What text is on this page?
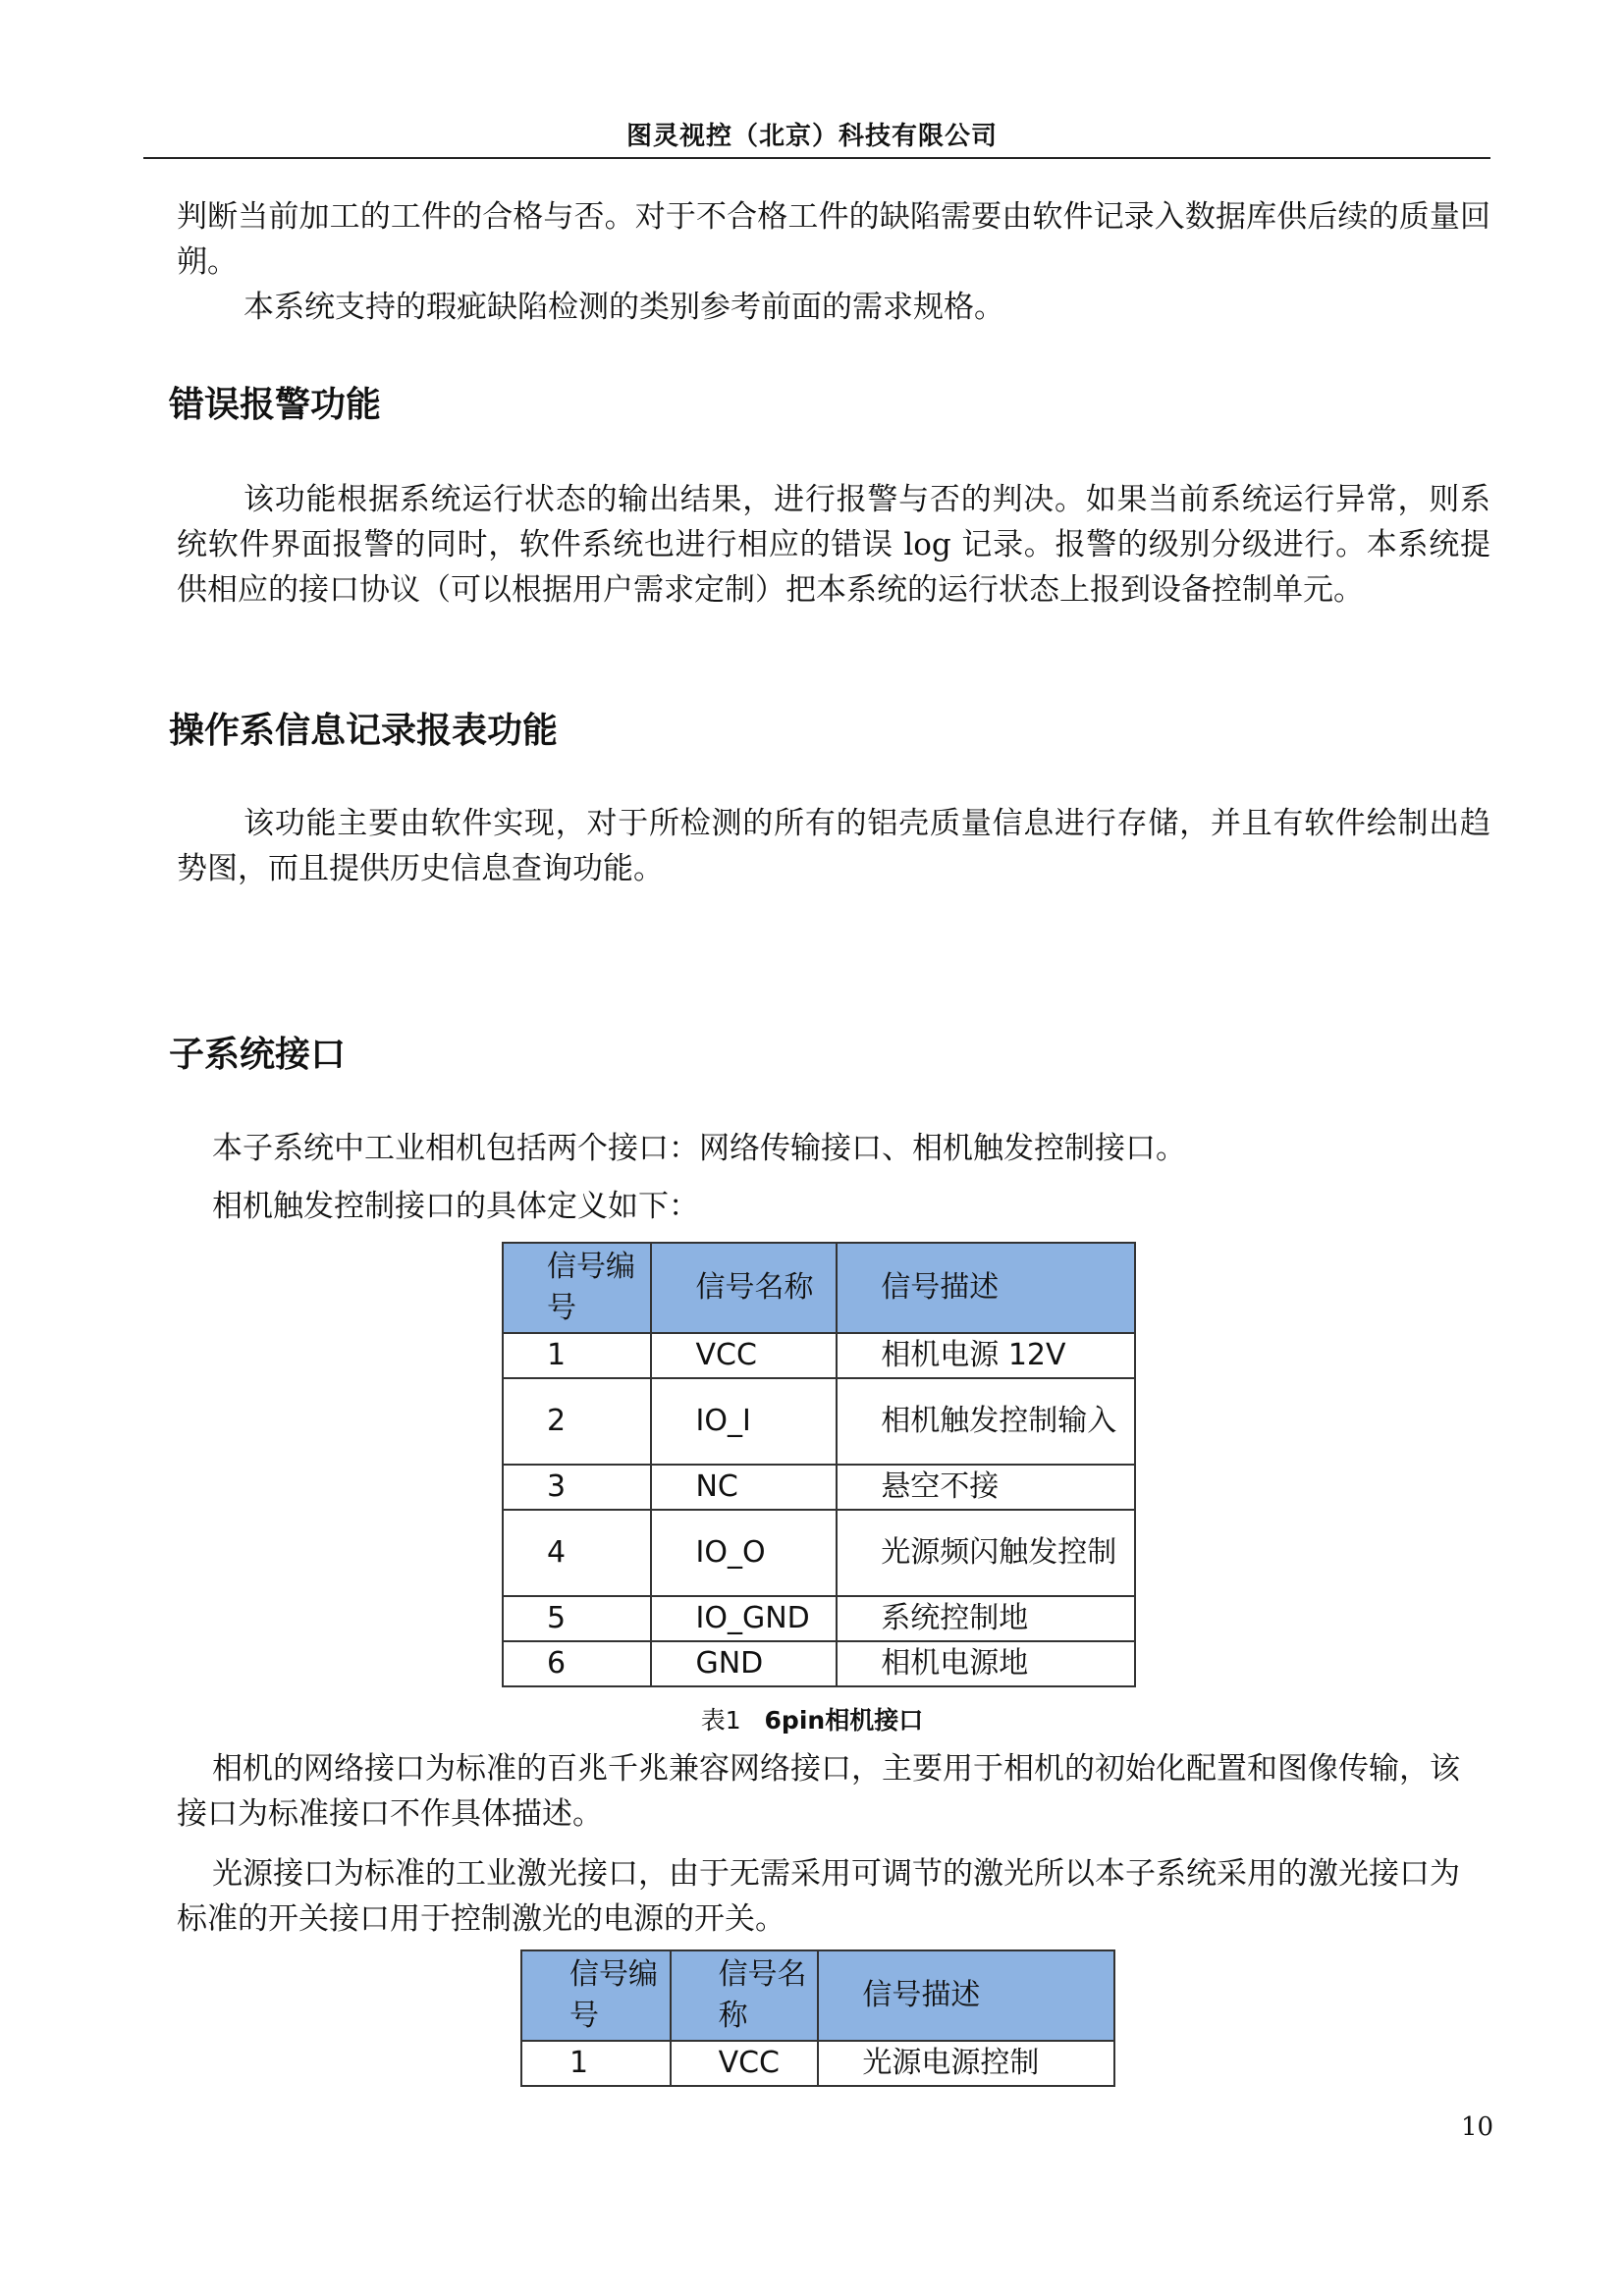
图灵视控（北京）科技有限公司

判断当前加工的工件的合格与否。对于不合格工件的缺陷需要由软件记录入数据库供后续的质量回朔。

本系统支持的瑕疵缺陷检测的类别参考前面的需求规格。

错误报警功能

该功能根据系统运行状态的输出结果，进行报警与否的判决。如果当前系统运行异常，则系统软件界面报警的同时，软件系统也进行相应的错误 log 记录。报警的级别分级进行。本系统提供相应的接口协议（可以根据用户需求定制）把本系统的运行状态上报到设备控制单元。

操作系信息记录报表功能

该功能主要由软件实现，对于所检测的所有的铝壳质量信息进行存储，并且有软件绘制出趋势图，而且提供历史信息查询功能。

子系统接口

本子系统中工业相机包括两个接口：网络传输接口、相机触发控制接口。

相机触发控制接口的具体定义如下：

信号编号	信号名称	信号描述
1	VCC	相机电源 12V
2	IO_I	相机触发控制输入
3	NC	悬空不接
4	IO_O	光源频闪触发控制
5	IO_GND	系统控制地
6	GND	相机电源地
表1 6pin相机接口

相机的网络接口为标准的百兆千兆兼容网络接口，主要用于相机的初始化配置和图像传输，该接口为标准接口不作具体描述。

光源接口为标准的工业激光接口，由于无需采用可调节的激光所以本子系统采用的激光接口为标准的开关接口用于控制激光的电源的开关。

信号编号	信号名称	信号描述
1	VCC	光源电源控制
10
